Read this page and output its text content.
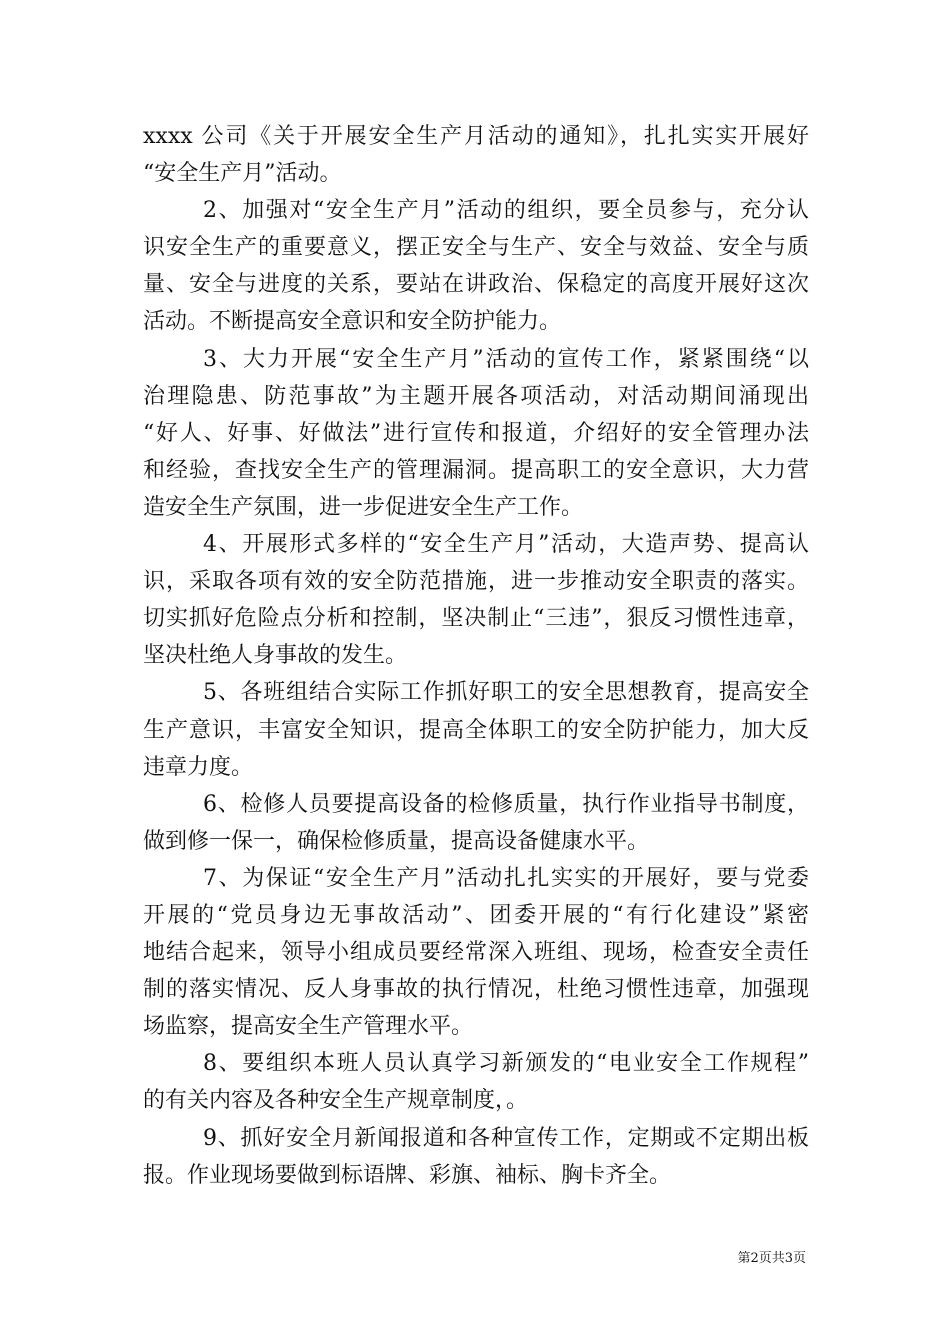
xxxx 公司《关于开展安全生产月活动的通知》，扎扎实实开展好
“安全生产月”活动。
2、加强对“安全生产月”活动的组织，要全员参与，充分认
识安全生产的重要意义，摆正安全与生产、安全与效益、安全与质
量、安全与进度的关系，要站在讲政治、保稳定的高度开展好这次
活动。不断提高安全意识和安全防护能力。
3、大力开展“安全生产月”活动的宣传工作，紧紧围绕“以
治理隐患、防范事故”为主题开展各项活动，对活动期间涌现出
“好人、好事、好做法”进行宣传和报道，介绍好的安全管理办法
和经验，查找安全生产的管理漏洞。提高职工的安全意识，大力营
造安全生产氛围，进一步促进安全生产工作。
4、开展形式多样的“安全生产月”活动，大造声势、提高认
识，采取各项有效的安全防范措施，进一步推动安全职责的落实。
切实抓好危险点分析和控制，坚决制止“三违”，狠反习惯性违章，
坚决杜绝人身事故的发生。
5、各班组结合实际工作抓好职工的安全思想教育，提高安全
生产意识，丰富安全知识，提高全体职工的安全防护能力，加大反
违章力度。
6、检修人员要提高设备的检修质量，执行作业指导书制度，
做到修一保一，确保检修质量，提高设备健康水平。
7、为保证“安全生产月”活动扎扎实实的开展好，要与党委
开展的“党员身边无事故活动”、团委开展的“有行化建设”紧密
地结合起来，领导小组成员要经常深入班组、现场，检查安全责任
制的落实情况、反人身事故的执行情况，杜绝习惯性违章，加强现
场监察，提高安全生产管理水平。
8、要组织本班人员认真学习新颁发的“电业安全工作规程”
的有关内容及各种安全生产规章制度，。
9、抓好安全月新闻报道和各种宣传工作，定期或不定期出板
报。作业现场要做到标语牌、彩旗、袖标、胸卡齐全。
第2页共3页
